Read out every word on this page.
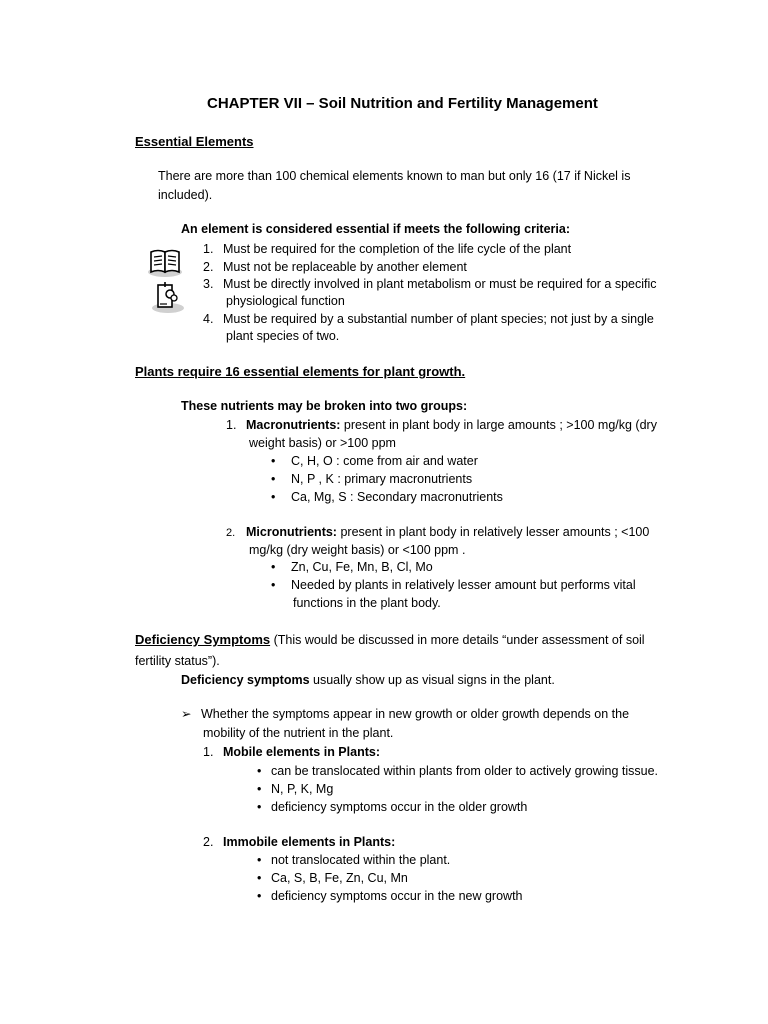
CHAPTER VII – Soil Nutrition and Fertility Management
Essential Elements
There are more than 100 chemical elements known to man but only 16 (17 if Nickel is
included).
An element is considered essential if meets the following criteria:
1. Must be required for the completion of the life cycle of the plant
2. Must not be replaceable by another element
3. Must be directly involved in plant metabolism or must be required for a specific
physiological function
4. Must be required by a substantial number of plant species; not just by a single
plant species of two.
Plants require 16 essential elements for plant growth.
These nutrients may be broken into two groups:
1. Macronutrients: present in plant body in large amounts ; >100 mg/kg (dry
weight basis) or >100 ppm
• C, H, O : come from air and water
• N, P , K : primary macronutrients
• Ca, Mg, S : Secondary macronutrients
2. Micronutrients: present in plant body in relatively lesser amounts ; <100
mg/kg (dry weight basis) or <100 ppm .
• Zn, Cu, Fe, Mn, B, Cl, Mo
• Needed by plants in relatively lesser amount but performs vital
functions in the plant body.
Deficiency Symptoms (This would be discussed in more details “under assessment of soil
fertility status”).
Deficiency symptoms usually show up as visual signs in the plant.
➢ Whether the symptoms appear in new growth or older growth depends on the
mobility of the nutrient in the plant.
1. Mobile elements in Plants:
• can be translocated within plants from older to actively growing tissue.
• N, P, K, Mg
• deficiency symptoms occur in the older growth
2. Immobile elements in Plants:
• not translocated within the plant.
• Ca, S, B, Fe, Zn, Cu, Mn
• deficiency symptoms occur in the new growth
